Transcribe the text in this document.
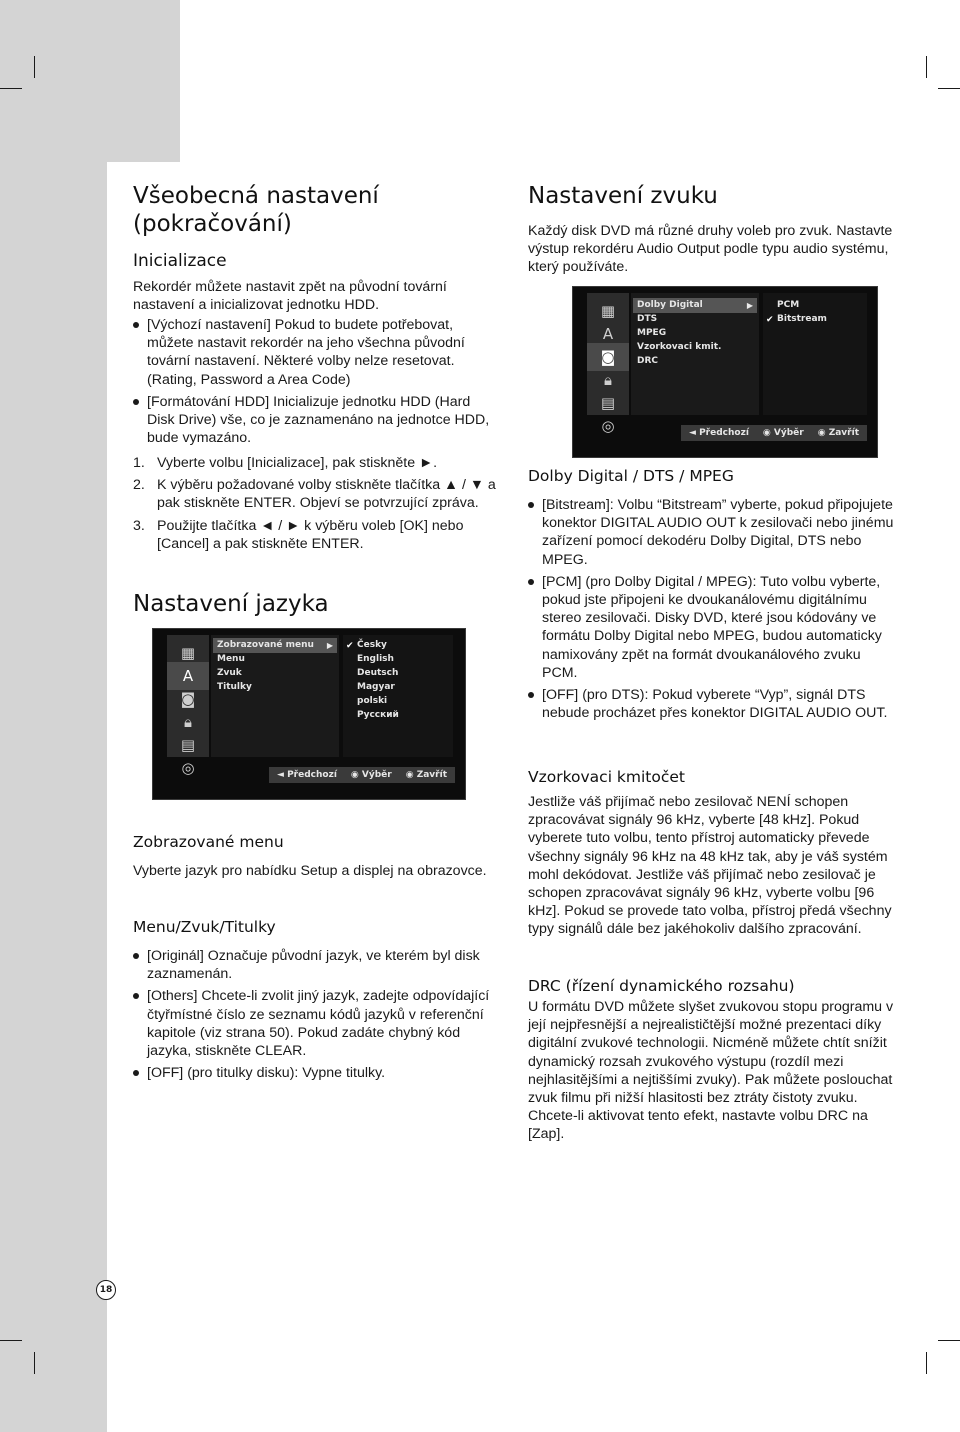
Všeobecná nastavení (pokračování)
Inicializace

Rekordér můžete nastavit zpět na původní tovární nastavení a inicializovat jednotku HDD.

[Výchozí nastavení] Pokud to budete potřebovat, můžete nastavit rekordér na jeho všechna původní tovární nastavení. Některé volby nelze resetovat. (Rating, Password a Area Code)
[Formátování HDD] Inicializuje jednotku HDD (Hard Disk Drive) vše, co je zaznamenáno na jednotce HDD, bude vymazáno.
1. Vyberte volbu [Inicializace], pak stiskněte ►.
2. K výběru požadované volby stiskněte tlačítka ▲ / ▼ a pak stiskněte ENTER. Objeví se potvrzující zpráva.
3. Použijte tlačítka ◄ / ► k výběru voleb [OK] nebo [Cancel] a pak stiskněte ENTER.
Nastavení jazyka
Zobrazované menu

Vyberte jazyk pro nabídku Setup a displej na obrazovce.

Menu/Zvuk/Titulky
[Originál] Označuje původní jazyk, ve kterém byl disk zaznamenán.
[Others] Chcete-li zvolit jiný jazyk, zadejte odpovídající čtyřmístné číslo ze seznamu kódů jazyků v referenční kapitole (viz strana 50). Pokud zadáte chybný kód jazyka, stiskněte CLEAR.
[OFF] (pro titulky disku): Vypne titulky.
▦
A
◙
🔒︎
▤
◎
Zobrazované menu ▶
Menu
Zvuk
Titulky
✔ Česky
English
Deutsch
Magyar
polski
Русский
◄ Předchozí ◉ Výběr ◉ Zavřít
Nastavení zvuku

Každý disk DVD má různé druhy voleb pro zvuk. Nastavte výstup rekordéru Audio Output podle typu audio systému, který používáte.

Dolby Digital / DTS / MPEG
[Bitstream]: Volbu “Bitstream” vyberte, pokud připojujete konektor DIGITAL AUDIO OUT k zesilovači nebo jinému zařízení pomocí dekodéru Dolby Digital, DTS nebo MPEG.
[PCM] (pro Dolby Digital / MPEG): Tuto volbu vyberte, pokud jste připojeni ke dvoukanálovému digitálnímu stereo zesilovači. Disky DVD, které jsou kódovány ve formátu Dolby Digital nebo MPEG, budou automaticky namixovány zpět na formát dvoukanálového zvuku PCM.
[OFF] (pro DTS): Pokud vyberete “Vyp”, signál DTS nebude procházet přes konektor DIGITAL AUDIO OUT.
Vzorkovaci kmitočet

Jestliže váš přijímač nebo zesilovač NENÍ schopen zpracovávat signály 96 kHz, vyberte [48 kHz]. Pokud vyberete tuto volbu, tento přístroj automaticky převede všechny signály 96 kHz na 48 kHz tak, aby je váš systém mohl dekódovat. Jestliže váš přijímač nebo zesilovač je schopen zpracovávat signály 96 kHz, vyberte volbu [96 kHz]. Pokud se provede tato volba, přístroj předá všechny typy signálů dále bez jakéhokoliv dalšího zpracování.

DRC (řízení dynamického rozsahu)

U formátu DVD můžete slyšet zvukovou stopu programu v její nejpřesnější a nejrealističtější možné prezentaci díky digitální zvukové technologii. Nicméně můžete chtít snížit dynamický rozsah zvukového výstupu (rozdíl mezi nejhlasitějšími a nejtiššími zvuky). Pak můžete poslouchat zvuk filmu při nižší hlasitosti bez ztráty čistoty zvuku. Chcete-li aktivovat tento efekt, nastavte volbu DRC na [Zap].

▦
A
◙
🔒︎
▤
◎
Dolby Digital	▶
DTS
MPEG
Vzorkovaci kmit.
DRC
PCM
✔ Bitstream
◄ Předchozí ◉ Výběr ◉ Zavřít
18
